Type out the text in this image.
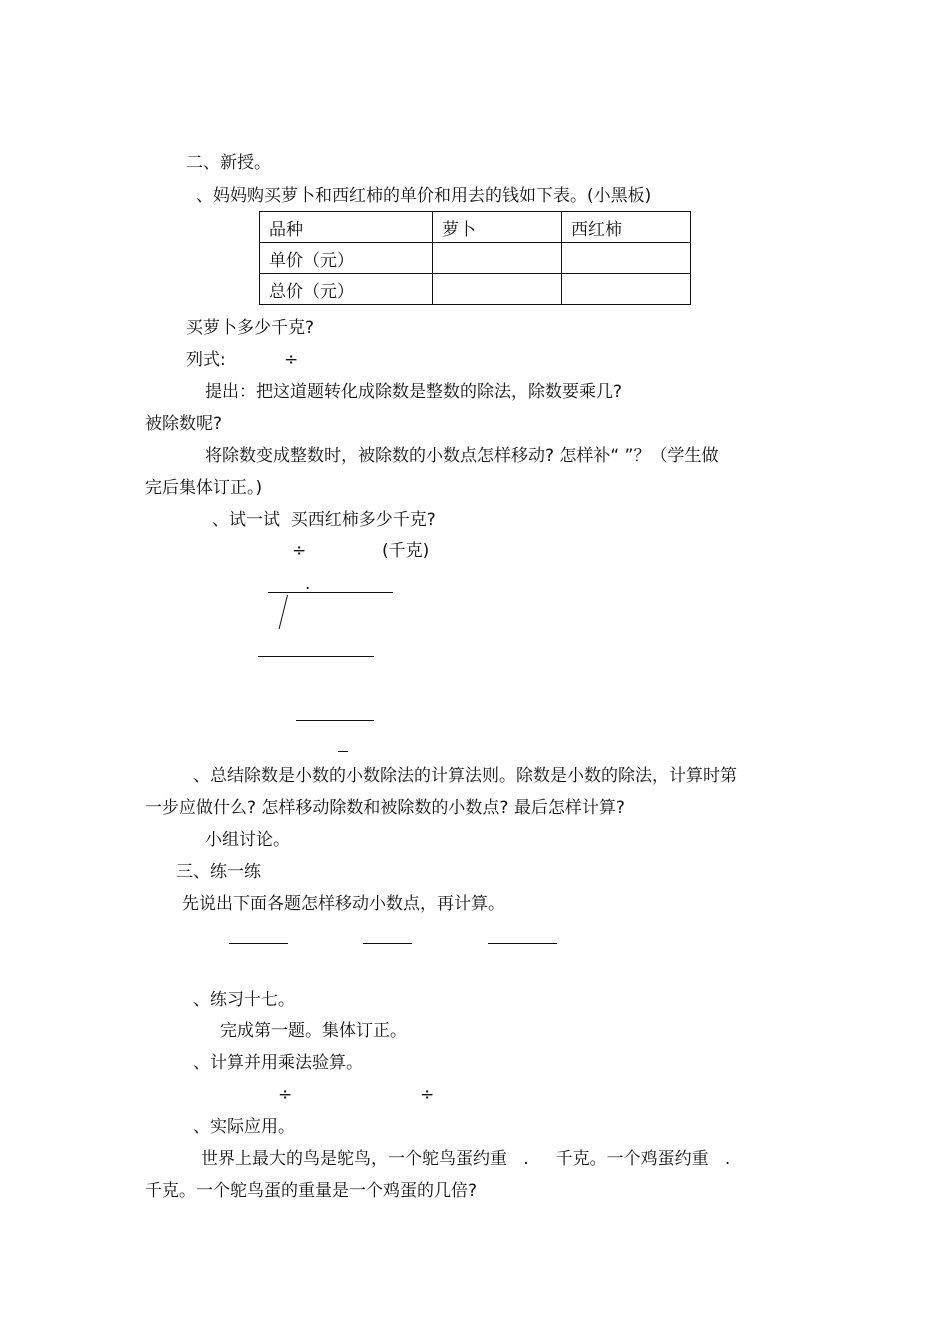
二、新授。
、妈妈购买萝卜和西红柿的单价和用去的钱如下表。(小黑板)
品种	萝卜	西红柿
单价（元）		
总价（元）		
买萝卜多少千克?
列式:	÷
提出：把这道题转化成除数是整数的除法，除数要乘几?
被除数呢?
将除数变成整数时，被除数的小数点怎样移动? 怎样补“ ”？（学生做
完后集体订正。)
、试一试  买西红柿多少千克?
÷	(千克)
.
、总结除数是小数的小数除法的计算法则。除数是小数的除法，计算时第
一步应做什么? 怎样移动除数和被除数的小数点? 最后怎样计算?
小组讨论。
三、练一练
先说出下面各题怎样移动小数点，再计算。
、练习十七。
完成第一题。集体订正。
、计算并用乘法验算。
÷	÷
、实际应用。
世界上最大的鸟是鸵鸟，一个鸵鸟蛋约重   .     千克。一个鸡蛋约重   .
千克。一个鸵鸟蛋的重量是一个鸡蛋的几倍?
